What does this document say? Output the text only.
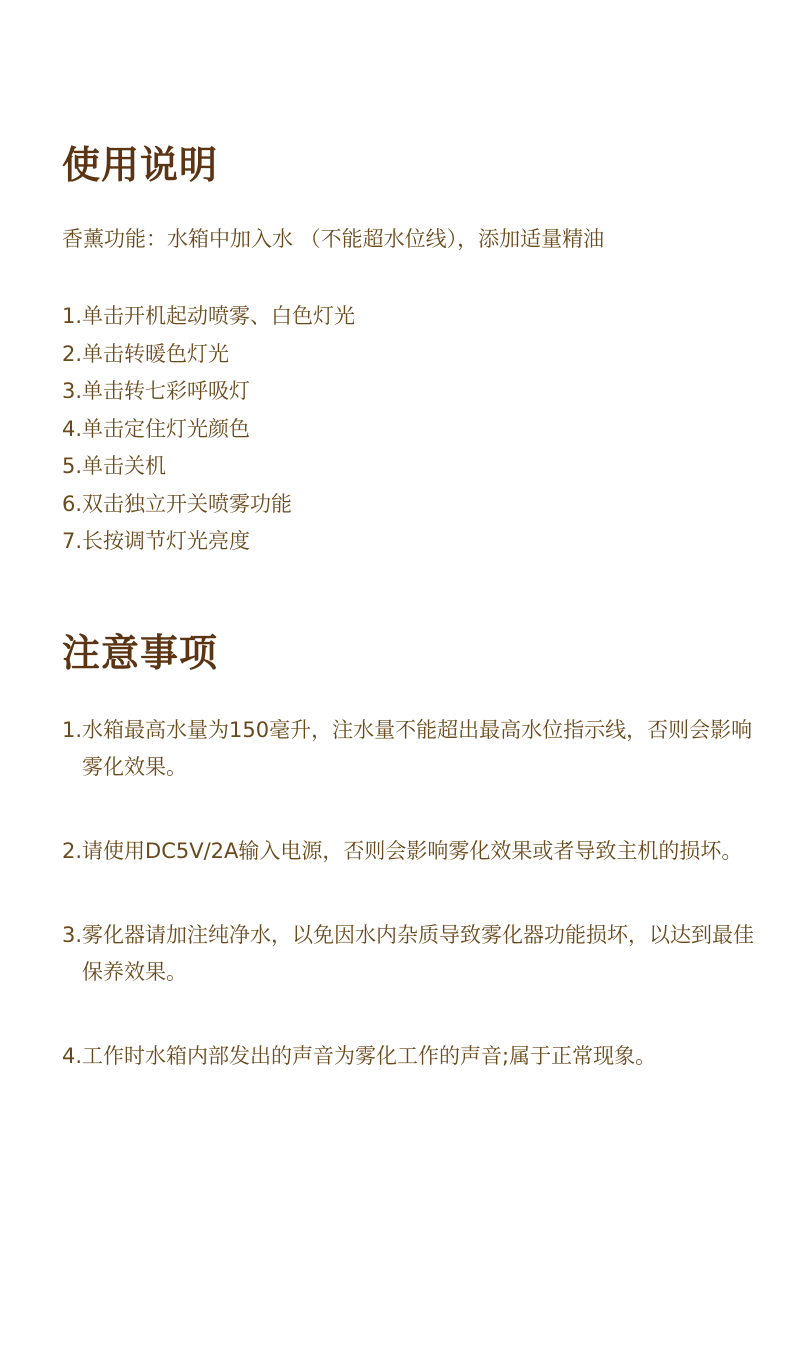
使用说明

香薰功能：水箱中加入水 （不能超水位线），添加适量精油

1.单击开机起动喷雾、白色灯光
2.单击转暖色灯光
3.单击转七彩呼吸灯
4.单击定住灯光颜色
5.单击关机
6.双击独立开关喷雾功能
7.长按调节灯光亮度
注意事项
1.水箱最高水量为150毫升，注水量不能超出最高水位指示线，否则会影响雾化效果。
2.请使用DC5V/2A输入电源，否则会影响雾化效果或者导致主机的损坏。
3.雾化器请加注纯净水，以免因水内杂质导致雾化器功能损坏，以达到最佳保养效果。
4.工作时水箱内部发出的声音为雾化工作的声音;属于正常现象。
